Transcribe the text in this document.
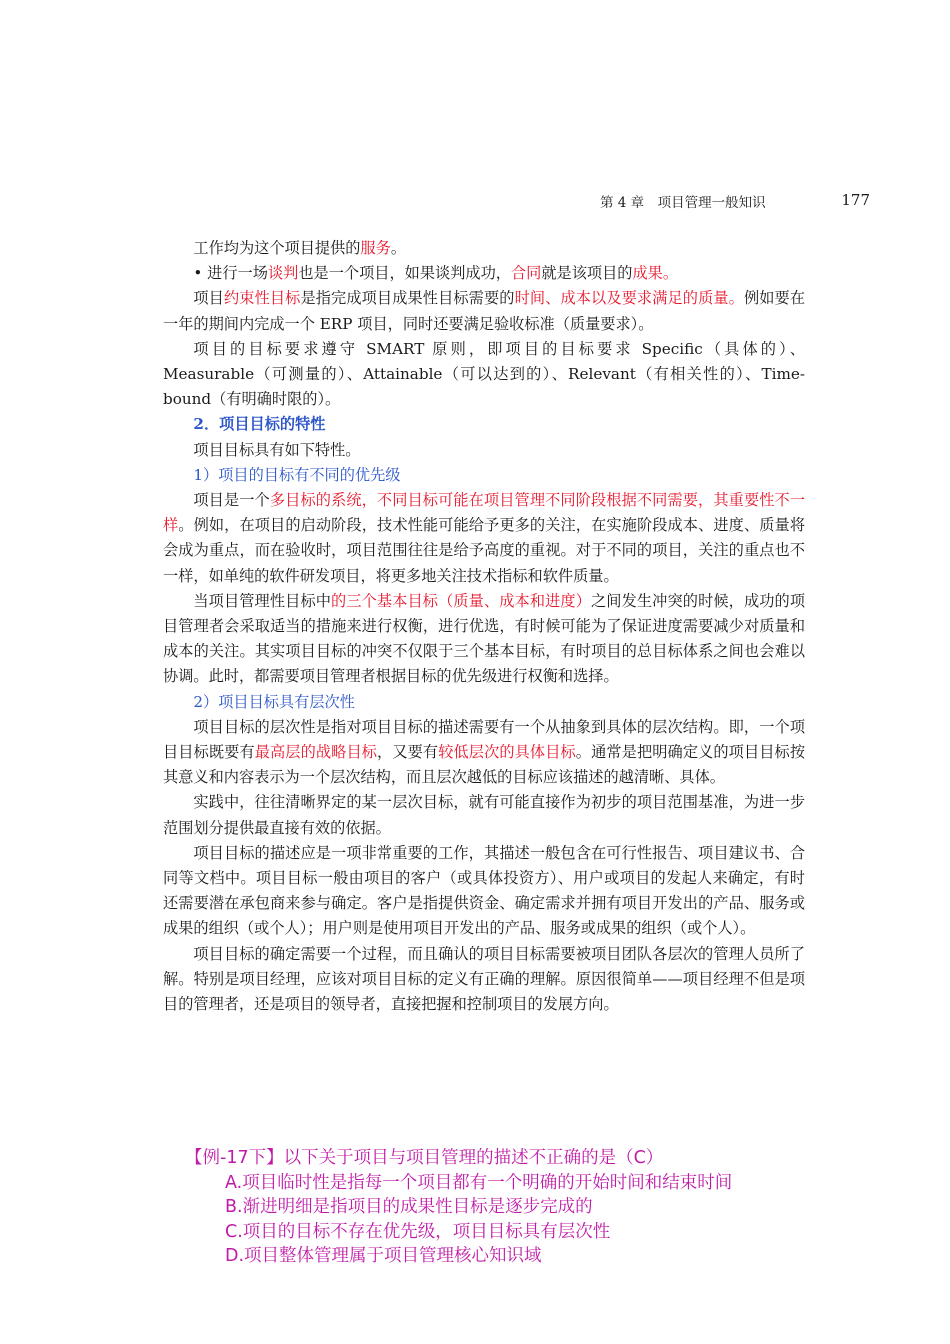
第 4 章　项目管理一般知识	177

工作均为这个项目提供的服务。

• 进行一场谈判也是一个项目，如果谈判成功，合同就是该项目的成果。

项目约束性目标是指完成项目成果性目标需要的时间、成本以及要求满足的质量。例如要在一年的期间内完成一个 ERP 项目，同时还要满足验收标准（质量要求）。

项目的目标要求遵守 SMART 原则，即项目的目标要求 Specific（具体的）、Measurable（可测量的）、Attainable（可以达到的）、Relevant（有相关性的）、Time-bound（有明确时限的）。

2．项目目标的特性

项目目标具有如下特性。

1）项目的目标有不同的优先级

项目是一个多目标的系统，不同目标可能在项目管理不同阶段根据不同需要，其重要性不一样。例如，在项目的启动阶段，技术性能可能给予更多的关注，在实施阶段成本、进度、质量将会成为重点，而在验收时，项目范围往往是给予高度的重视。对于不同的项目，关注的重点也不一样，如单纯的软件研发项目，将更多地关注技术指标和软件质量。

当项目管理性目标中的三个基本目标（质量、成本和进度）之间发生冲突的时候，成功的项目管理者会采取适当的措施来进行权衡，进行优选，有时候可能为了保证进度需要减少对质量和成本的关注。其实项目目标的冲突不仅限于三个基本目标，有时项目的总目标体系之间也会难以协调。此时，都需要项目管理者根据目标的优先级进行权衡和选择。

2）项目目标具有层次性

项目目标的层次性是指对项目目标的描述需要有一个从抽象到具体的层次结构。即，一个项目目标既要有最高层的战略目标，又要有较低层次的具体目标。通常是把明确定义的项目目标按其意义和内容表示为一个层次结构，而且层次越低的目标应该描述的越清晰、具体。

实践中，往往清晰界定的某一层次目标，就有可能直接作为初步的项目范围基准，为进一步范围划分提供最直接有效的依据。

项目目标的描述应是一项非常重要的工作，其描述一般包含在可行性报告、项目建议书、合同等文档中。项目目标一般由项目的客户（或具体投资方）、用户或项目的发起人来确定，有时还需要潜在承包商来参与确定。客户是指提供资金、确定需求并拥有项目开发出的产品、服务或成果的组织（或个人）；用户则是使用项目开发出的产品、服务或成果的组织（或个人）。

项目目标的确定需要一个过程，而且确认的项目目标需要被项目团队各层次的管理人员所了解。特别是项目经理，应该对项目目标的定义有正确的理解。原因很简单——项目经理不但是项目的管理者，还是项目的领导者，直接把握和控制项目的发展方向。

【例-17下】以下关于项目与项目管理的描述不正确的是（C）

A.项目临时性是指每一个项目都有一个明确的开始时间和结束时间

B.渐进明细是指项目的成果性目标是逐步完成的

C.项目的目标不存在优先级，项目目标具有层次性

D.项目整体管理属于项目管理核心知识域
